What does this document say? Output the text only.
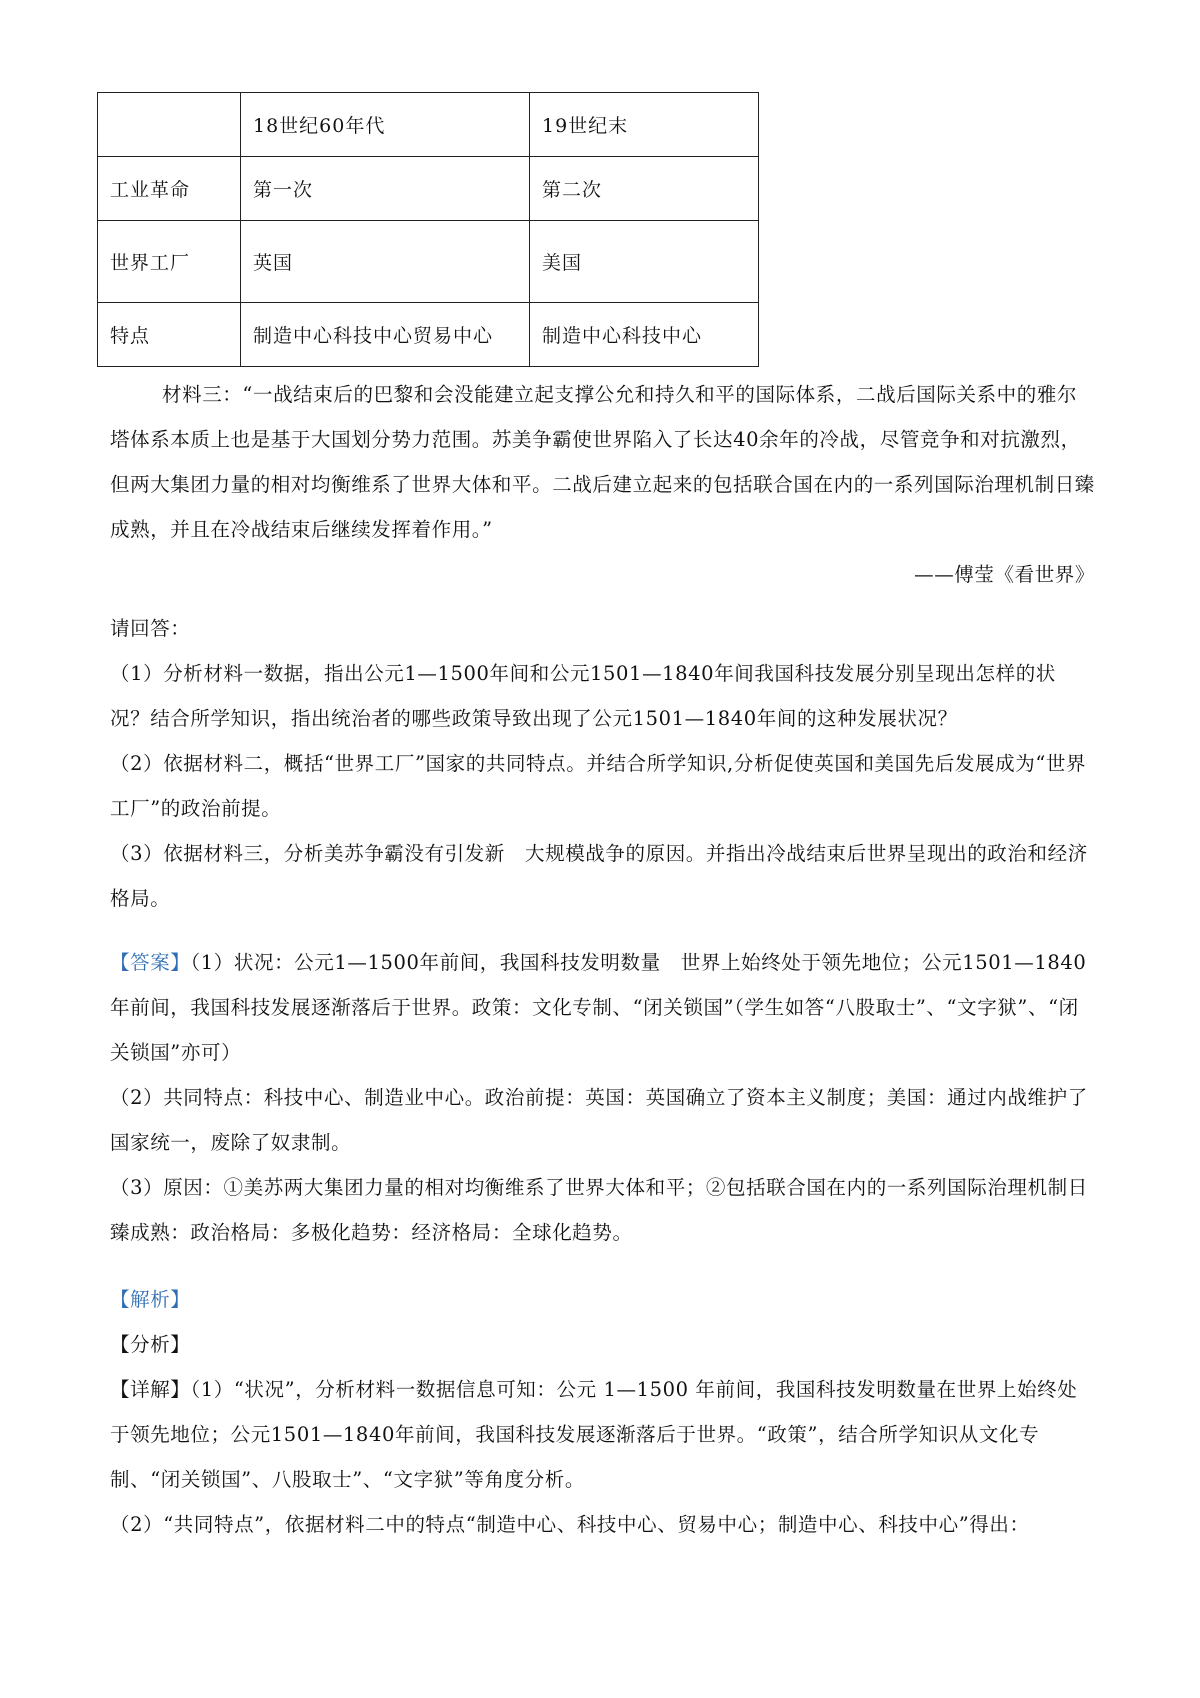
	18世纪60年代	19世纪末
工业革命	第一次	第二次
世界工厂	英国	美国
特点	制造中心科技中心贸易中心	制造中心科技中心

材料三：“一战结束后的巴黎和会没能建立起支撑公允和持久和平的国际体系，二战后国际关系中的雅尔塔体系本质上也是基于大国划分势力范围。苏美争霸使世界陷入了长达40余年的冷战，尽管竞争和对抗激烈，但两大集团力量的相对均衡维系了世界大体和平。二战后建立起来的包括联合国在内的一系列国际治理机制日臻成熟，并且在冷战结束后继续发挥着作用。”

——傅莹《看世界》

请回答：

（1）分析材料一数据，指出公元1—1500年间和公元1501—1840年间我国科技发展分别呈现出怎样的状况？结合所学知识，指出统治者的哪些政策导致出现了公元1501—1840年间的这种发展状况？

（2）依据材料二，概括“世界工厂”国家的共同特点。并结合所学知识,分析促使英国和美国先后发展成为“世界工厂”的政治前提。

（3）依据材料三，分析美苏争霸没有引发新　大规模战争的原因。并指出冷战结束后世界呈现出的政治和经济格局。

【答案】（1）状况：公元1—1500年前间，我国科技发明数量　世界上始终处于领先地位；公元1501—1840年前间，我国科技发展逐渐落后于世界。政策：文化专制、“闭关锁国”（学生如答“八股取士”、“文字狱”、“闭关锁国”亦可）

（2）共同特点：科技中心、制造业中心。政治前提：英国：英国确立了资本主义制度；美国：通过内战维护了国家统一，废除了奴隶制。

（3）原因：①美苏两大集团力量的相对均衡维系了世界大体和平；②包括联合国在内的一系列国际治理机制日臻成熟：政治格局：多极化趋势：经济格局：全球化趋势。

【解析】

【分析】

【详解】（1）“状况”，分析材料一数据信息可知：公元 1—1500 年前间，我国科技发明数量在世界上始终处于领先地位；公元1501—1840年前间，我国科技发展逐渐落后于世界。“政策”，结合所学知识从文化专制、“闭关锁国”、八股取士”、“文字狱”等角度分析。

（2）“共同特点”，依据材料二中的特点“制造中心、科技中心、贸易中心；制造中心、科技中心”得出：
